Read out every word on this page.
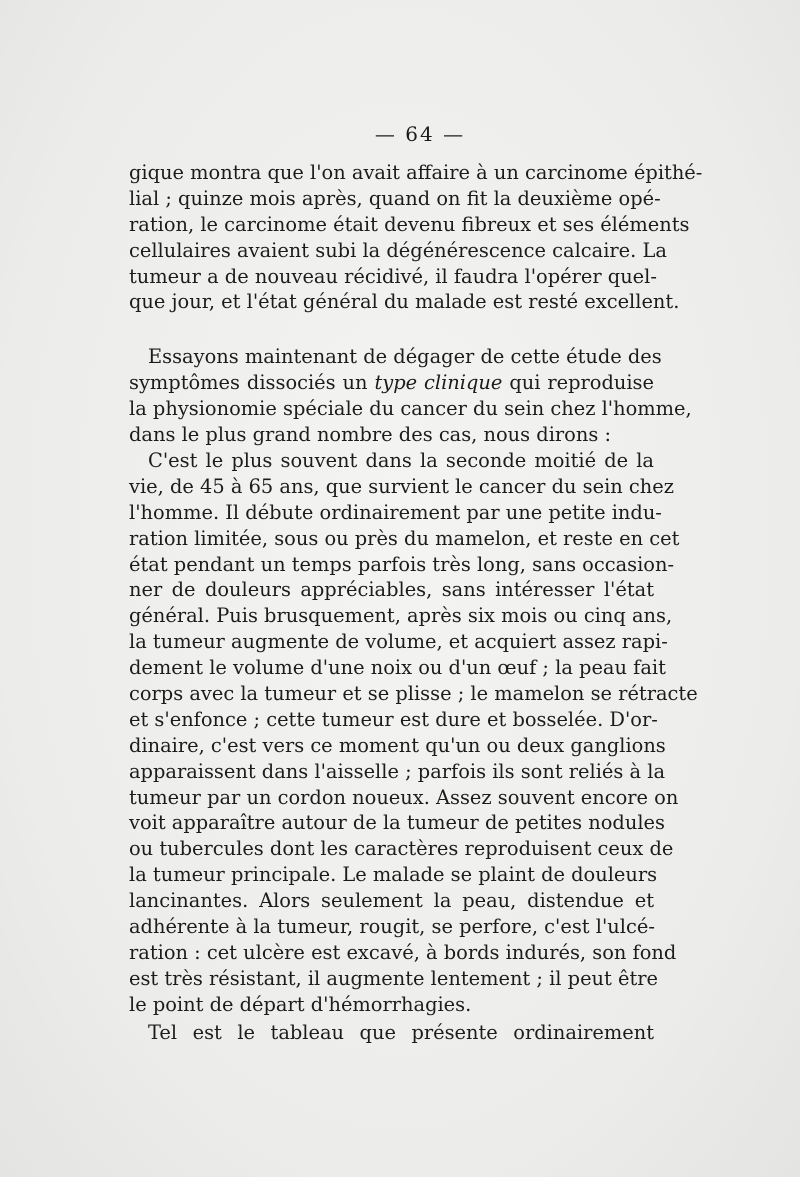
— 64 —
gique montra que l'on avait affaire à un carcinome épithé-
lial ; quinze mois après, quand on fit la deuxième opé-
ration, le carcinome était devenu fibreux et ses éléments
cellulaires avaient subi la dégénérescence calcaire. La
tumeur a de nouveau récidivé, il faudra l'opérer quel-
que jour, et l'état général du malade est resté excellent.
Essayons maintenant de dégager de cette étude des
symptômes dissociés un type clinique qui reproduise
la physionomie spéciale du cancer du sein chez l'homme,
dans le plus grand nombre des cas, nous dirons :
C'est le plus souvent dans la seconde moitié de la
vie, de 45 à 65 ans, que survient le cancer du sein chez
l'homme. Il débute ordinairement par une petite indu-
ration limitée, sous ou près du mamelon, et reste en cet
état pendant un temps parfois très long, sans occasion-
ner de douleurs appréciables, sans intéresser l'état
général. Puis brusquement, après six mois ou cinq ans,
la tumeur augmente de volume, et acquiert assez rapi-
dement le volume d'une noix ou d'un œuf ; la peau fait
corps avec la tumeur et se plisse ; le mamelon se rétracte
et s'enfonce ; cette tumeur est dure et bosselée. D'or-
dinaire, c'est vers ce moment qu'un ou deux ganglions
apparaissent dans l'aisselle ; parfois ils sont reliés à la
tumeur par un cordon noueux. Assez souvent encore on
voit apparaître autour de la tumeur de petites nodules
ou tubercules dont les caractères reproduisent ceux de
la tumeur principale. Le malade se plaint de douleurs
lancinantes. Alors seulement la peau, distendue et
adhérente à la tumeur, rougit, se perfore, c'est l'ulcé-
ration : cet ulcère est excavé, à bords indurés, son fond
est très résistant, il augmente lentement ; il peut être
le point de départ d'hémorrhagies.
Tel est le tableau que présente ordinairement
